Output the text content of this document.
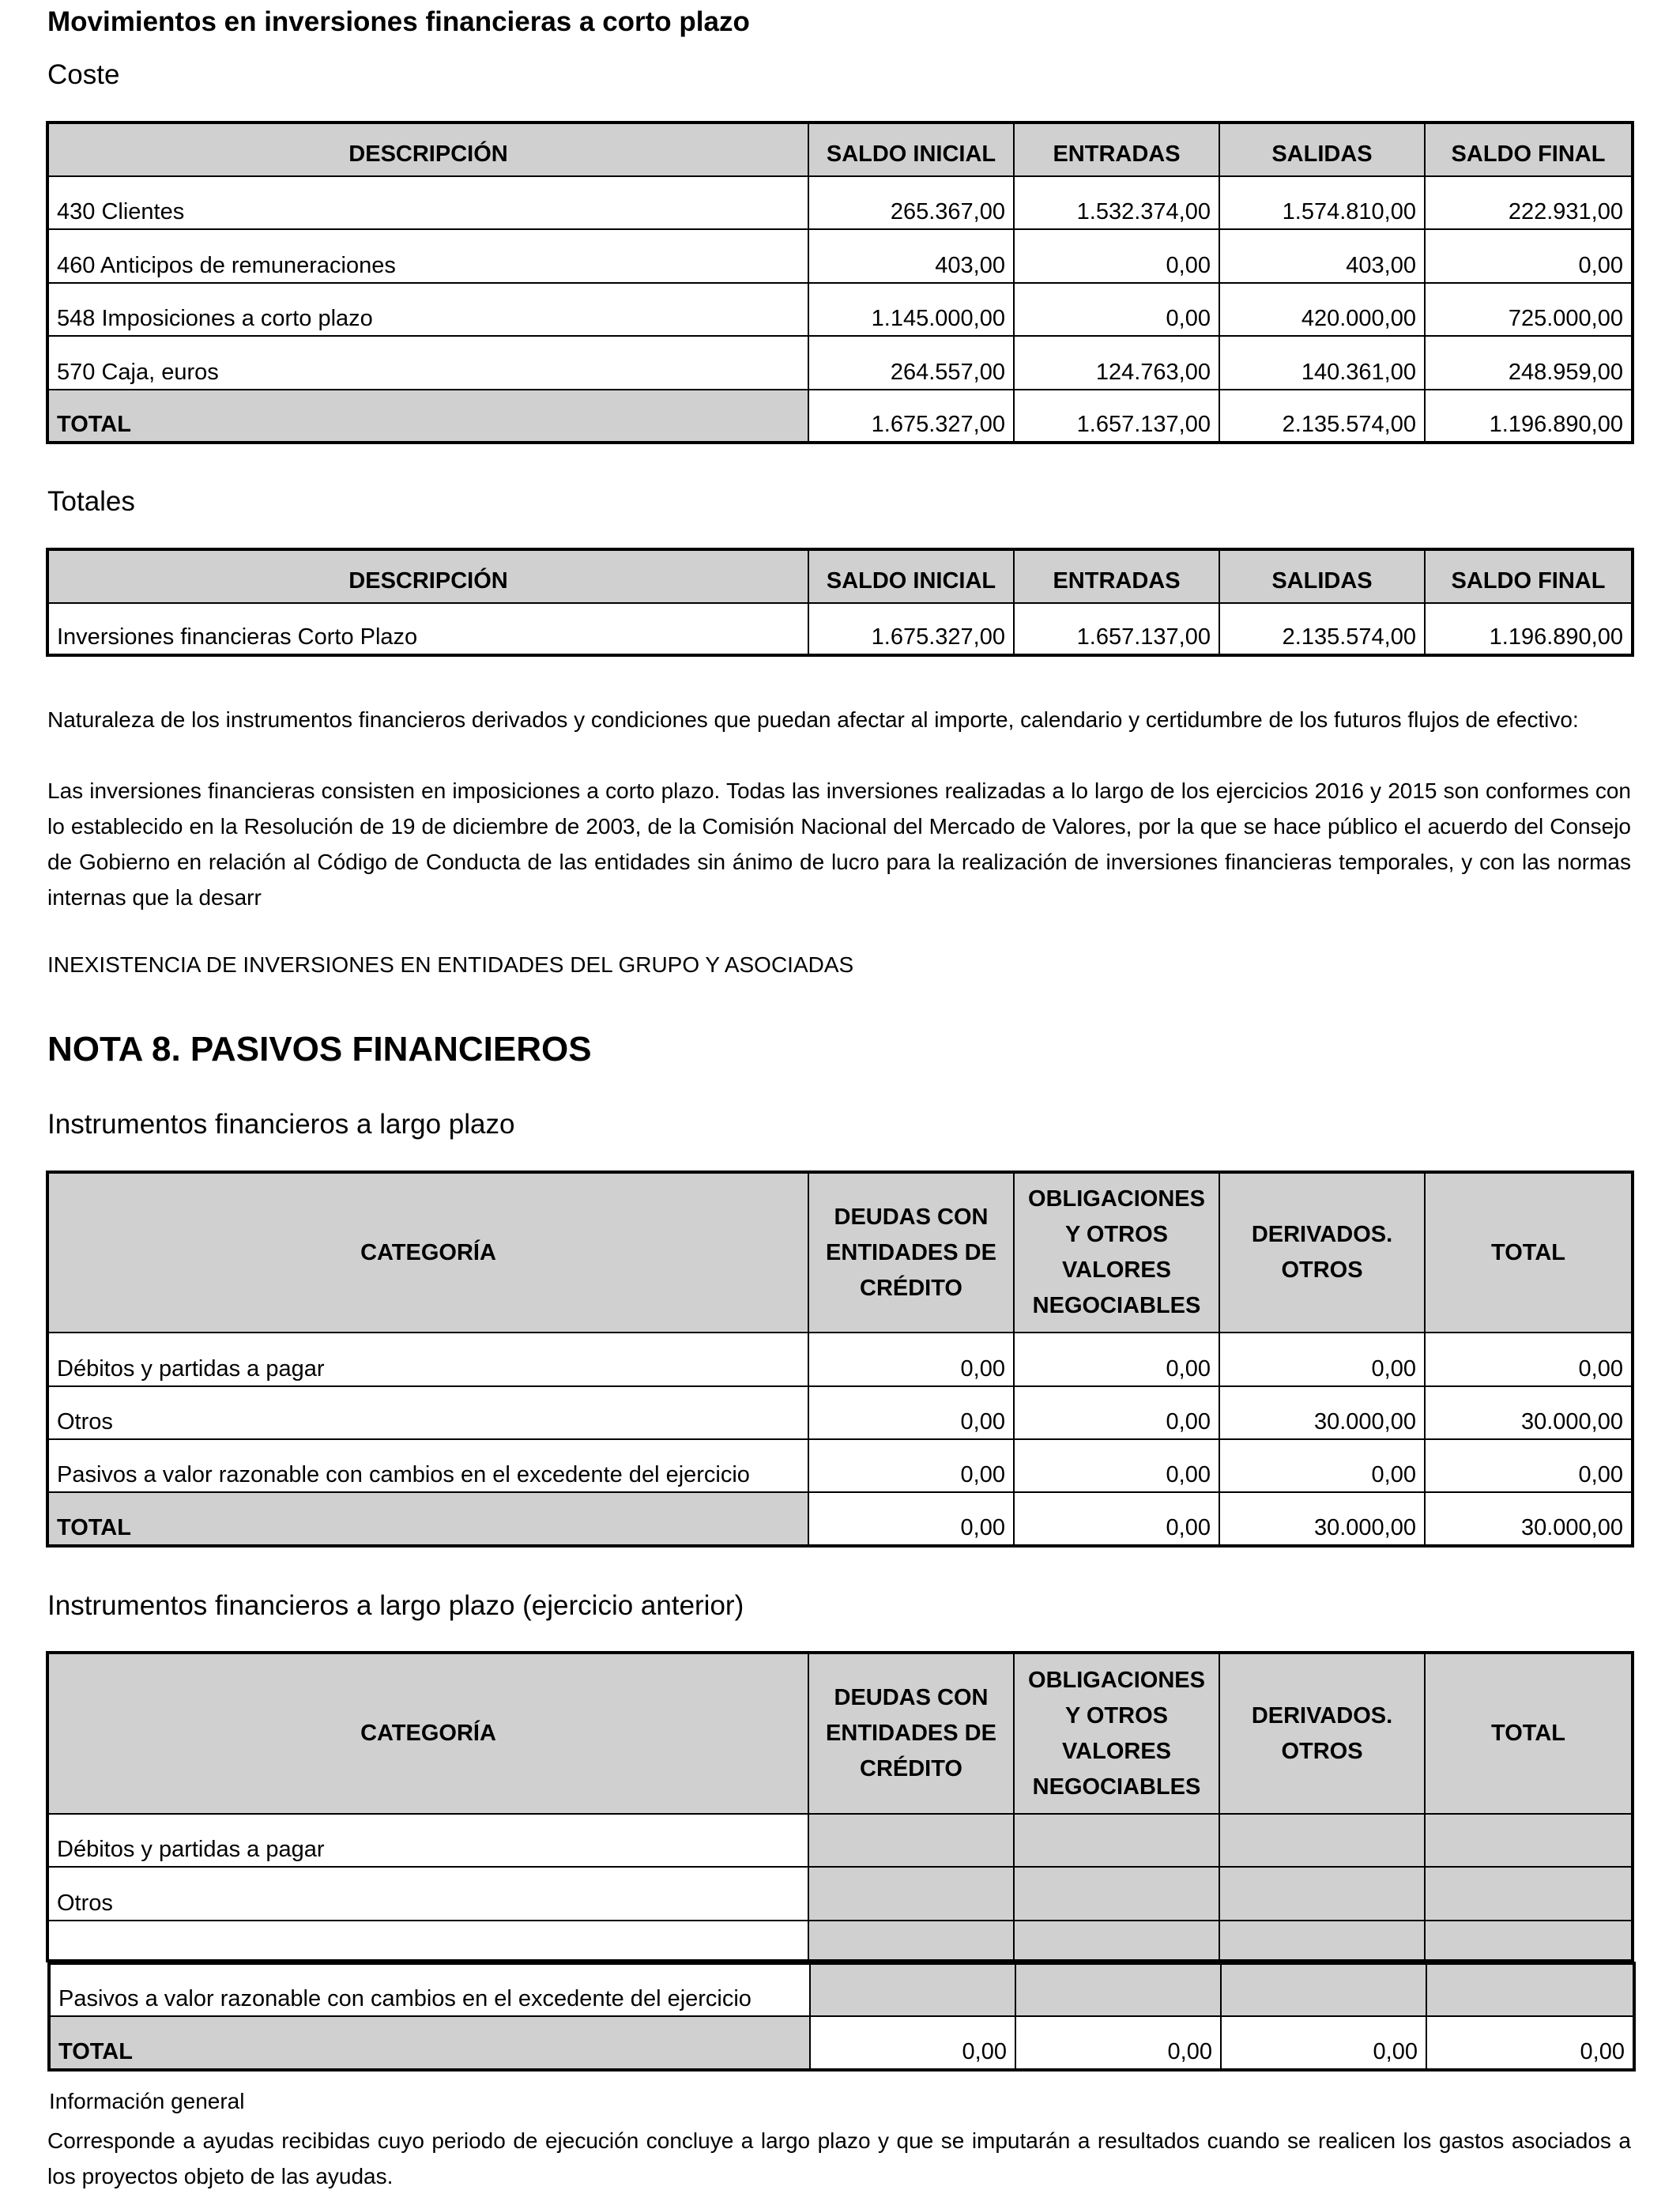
Movimientos en inversiones financieras a corto plazo
Coste
DESCRIPCIÓN	SALDO INICIAL	ENTRADAS	SALIDAS	SALDO FINAL
430 Clientes	265.367,00	1.532.374,00	1.574.810,00	222.931,00
460 Anticipos de remuneraciones	403,00	0,00	403,00	0,00
548 Imposiciones a corto plazo	1.145.000,00	0,00	420.000,00	725.000,00
570 Caja, euros	264.557,00	124.763,00	140.361,00	248.959,00
TOTAL	1.675.327,00	1.657.137,00	2.135.574,00	1.196.890,00
Totales
DESCRIPCIÓN	SALDO INICIAL	ENTRADAS	SALIDAS	SALDO FINAL
Inversiones financieras Corto Plazo	1.675.327,00	1.657.137,00	2.135.574,00	1.196.890,00
Naturaleza de los instrumentos financieros derivados y condiciones que puedan afectar al importe, calendario y certidumbre de los futuros flujos de efectivo:
Las inversiones financieras consisten en imposiciones a corto plazo. Todas las inversiones realizadas a lo largo de los ejercicios 2016 y 2015 son conformes con lo establecido en la Resolución de 19 de diciembre de 2003, de la Comisión Nacional del Mercado de Valores, por la que se hace público el acuerdo del Consejo de Gobierno en relación al Código de Conducta de las entidades sin ánimo de lucro para la realización de inversiones financieras temporales, y con las normas internas que la desarr
INEXISTENCIA DE INVERSIONES EN ENTIDADES DEL GRUPO Y ASOCIADAS
NOTA 8. PASIVOS FINANCIEROS
Instrumentos financieros a largo plazo
CATEGORÍA	DEUDAS CON ENTIDADES DE CRÉDITO	OBLIGACIONES Y OTROS VALORES NEGOCIABLES	DERIVADOS. OTROS	TOTAL
Débitos y partidas a pagar	0,00	0,00	0,00	0,00
Otros	0,00	0,00	30.000,00	30.000,00
Pasivos a valor razonable con cambios en el excedente del ejercicio	0,00	0,00	0,00	0,00
TOTAL	0,00	0,00	30.000,00	30.000,00
Instrumentos financieros a largo plazo (ejercicio anterior)
CATEGORÍA	DEUDAS CON ENTIDADES DE CRÉDITO	OBLIGACIONES Y OTROS VALORES NEGOCIABLES	DERIVADOS. OTROS	TOTAL
Débitos y partidas a pagar				
Otros				

Pasivos a valor razonable con cambios en el excedente del ejercicio				
TOTAL	0,00	0,00	0,00	0,00
Información general
Corresponde a ayudas recibidas cuyo periodo de ejecución concluye a largo plazo y que se imputarán a resultados cuando se realicen los gastos asociados a los proyectos objeto de las ayudas.
